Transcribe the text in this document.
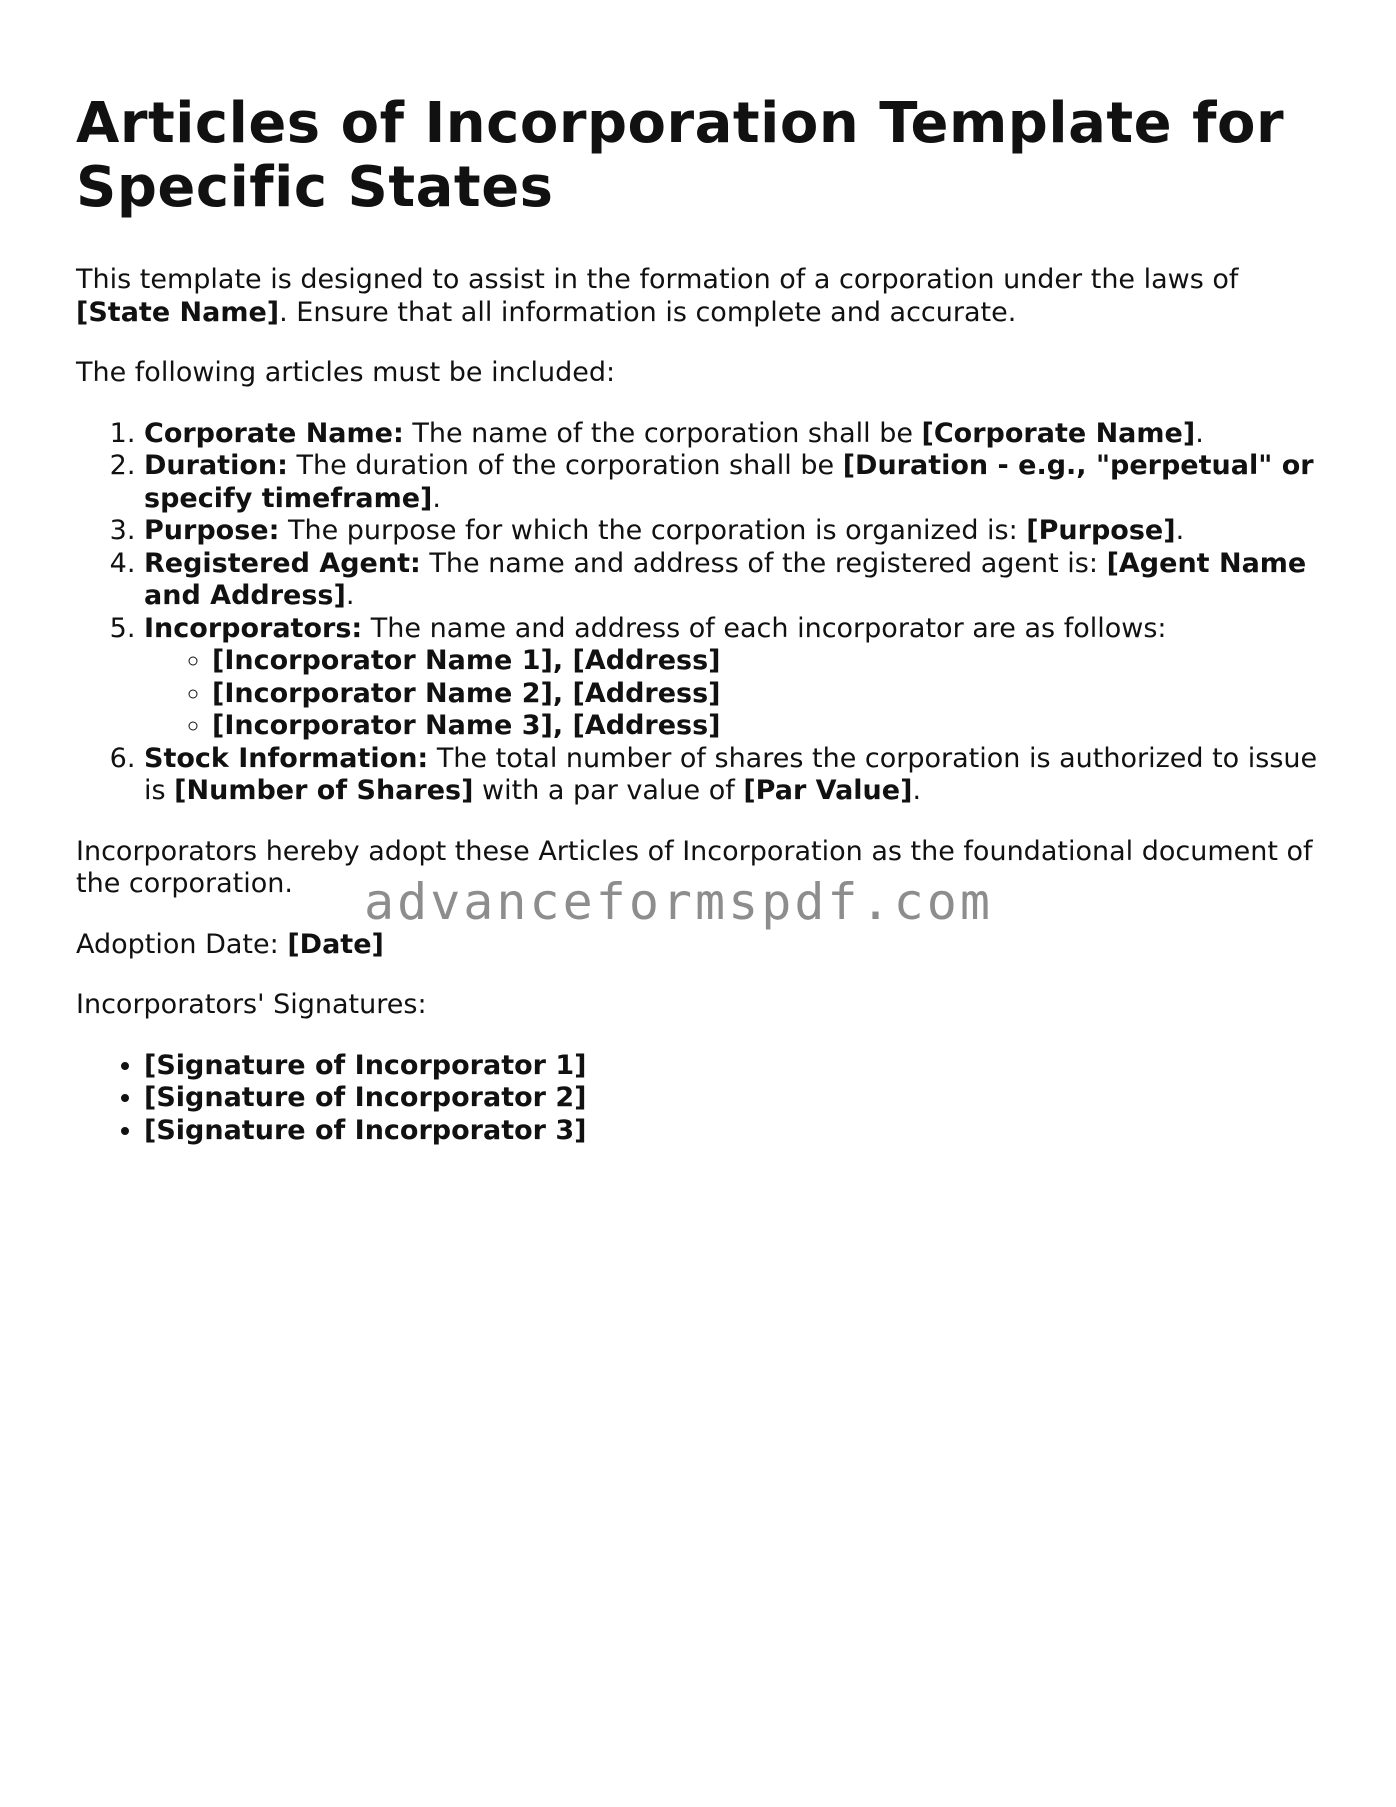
Articles of Incorporation Template for Specific States

This template is designed to assist in the formation of a corporation under the laws of [State Name]. Ensure that all information is complete and accurate.

The following articles must be included:

1. Corporate Name: The name of the corporation shall be [Corporate Name].
2. Duration: The duration of the corporation shall be [Duration - e.g., "perpetual" or specify timeframe].
3. Purpose: The purpose for which the corporation is organized is: [Purpose].
4. Registered Agent: The name and address of the registered agent is: [Agent Name and Address].
5. Incorporators: The name and address of each incorporator are as follows:
◦ [Incorporator Name 1], [Address]
◦ [Incorporator Name 2], [Address]
◦ [Incorporator Name 3], [Address]
6. Stock Information: The total number of shares the corporation is authorized to issue is [Number of Shares] with a par value of [Par Value].

Incorporators hereby adopt these Articles of Incorporation as the foundational document of the corporation.

Adoption Date: [Date]

Incorporators' Signatures:

• [Signature of Incorporator 1]
• [Signature of Incorporator 2]
• [Signature of Incorporator 3]
advanceformspdf.com
